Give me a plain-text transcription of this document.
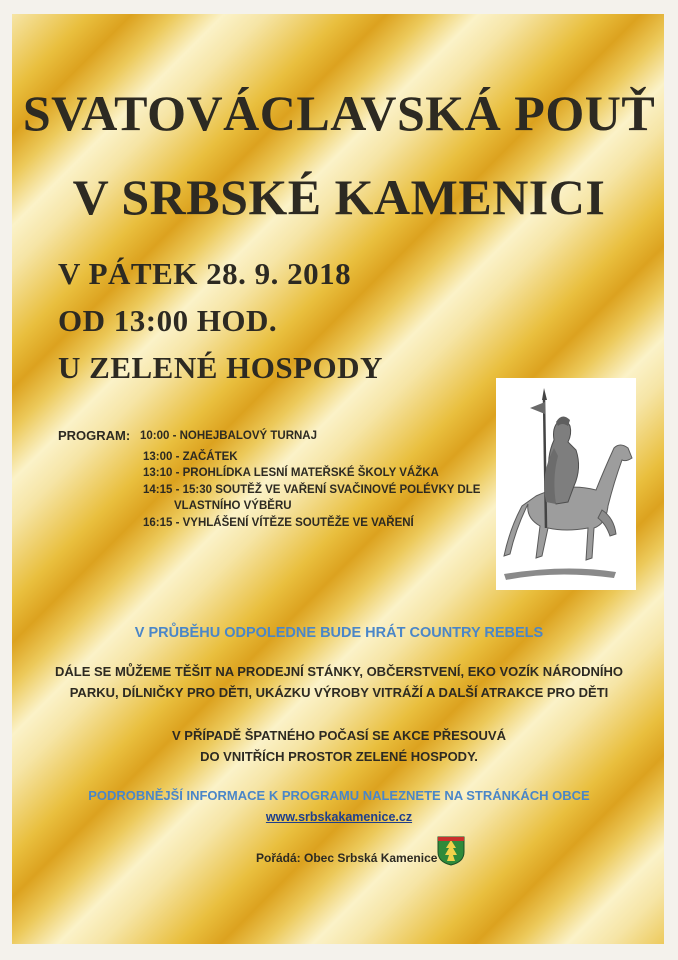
SVATOVÁCLAVSKÁ POUŤ
V SRBSKÉ KAMENICI
V PÁTEK 28. 9. 2018
OD 13:00 HOD.
U ZELENÉ HOSPODY
PROGRAM: 10:00 - NOHEJBALOVÝ TURNAJ
13:00 - ZAČÁTEK
13:10 - PROHLÍDKA LESNÍ MATEŘSKÉ ŠKOLY VÁŽKA
14:15 - 15:30 SOUTĚŽ VE VAŘENÍ SVAČINOVÉ POLÉVKY DLE
VLASTNÍHO VÝBĚRU
16:15 - VYHLÁŠENÍ VÍTĚZE SOUTĚŽE VE VAŘENÍ
V PRŮBĚHU ODPOLEDNE BUDE HRÁT COUNTRY REBELS
DÁLE SE MŮŽEME TĚŠIT NA PRODEJNÍ STÁNKY, OBČERSTVENÍ, EKO VOZÍK NÁRODNÍHO
PARKU, DÍLNIČKY PRO DĚTI, UKÁZKU VÝROBY VITRÁŽÍ A DALŠÍ ATRAKCE PRO DĚTI
V PŘÍPADĚ ŠPATNÉHO POČASÍ SE AKCE PŘESOUVÁ
DO VNITŘÍCH PROSTOR ZELENÉ HOSPODY.
PODROBNĚJŠÍ INFORMACE K PROGRAMU NALEZNETE NA STRÁNKÁCH OBCE
www.srbskakamenice.cz
Pořádá: Obec Srbská Kamenice
